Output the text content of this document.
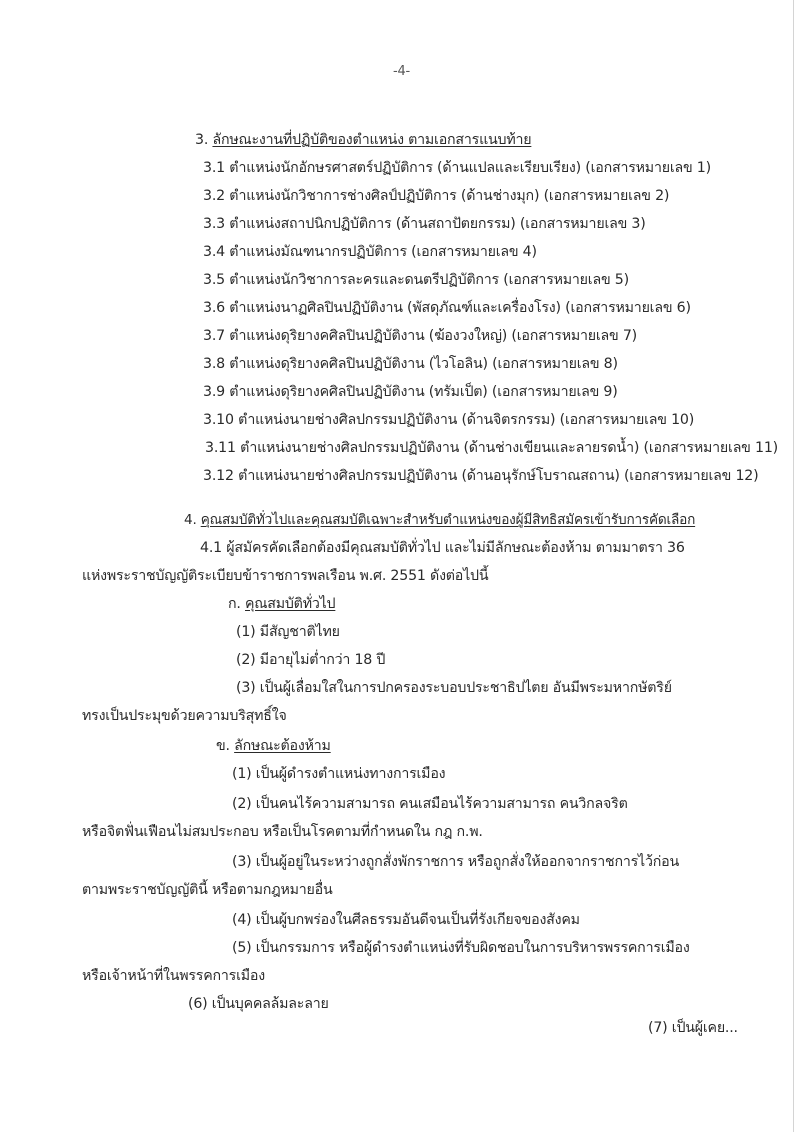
-4-
3. ลักษณะงานที่ปฏิบัติของตำแหน่ง ตามเอกสารแนบท้าย
3.1 ตำแหน่งนักอักษรศาสตร์ปฏิบัติการ (ด้านแปลและเรียบเรียง) (เอกสารหมายเลข 1)
3.2 ตำแหน่งนักวิชาการช่างศิลป์ปฏิบัติการ (ด้านช่างมุก) (เอกสารหมายเลข 2)
3.3 ตำแหน่งสถาปนิกปฏิบัติการ (ด้านสถาปัตยกรรม) (เอกสารหมายเลข 3)
3.4 ตำแหน่งมัณฑนากรปฏิบัติการ (เอกสารหมายเลข 4)
3.5 ตำแหน่งนักวิชาการละครและดนตรีปฏิบัติการ (เอกสารหมายเลข 5)
3.6 ตำแหน่งนาฏศิลปินปฏิบัติงาน (พัสดุภัณฑ์และเครื่องโรง) (เอกสารหมายเลข 6)
3.7 ตำแหน่งดุริยางคศิลปินปฏิบัติงาน (ฆ้องวงใหญ่) (เอกสารหมายเลข 7)
3.8 ตำแหน่งดุริยางคศิลปินปฏิบัติงาน (ไวโอลิน) (เอกสารหมายเลข 8)
3.9 ตำแหน่งดุริยางคศิลปินปฏิบัติงาน (ทรัมเป็ต) (เอกสารหมายเลข 9)
3.10 ตำแหน่งนายช่างศิลปกรรมปฏิบัติงาน (ด้านจิตรกรรม) (เอกสารหมายเลข 10)
3.11 ตำแหน่งนายช่างศิลปกรรมปฏิบัติงาน (ด้านช่างเขียนและลายรดน้ำ) (เอกสารหมายเลข 11)
3.12 ตำแหน่งนายช่างศิลปกรรมปฏิบัติงาน (ด้านอนุรักษ์โบราณสถาน) (เอกสารหมายเลข 12)
4. คุณสมบัติทั่วไปและคุณสมบัติเฉพาะสำหรับตำแหน่งของผู้มีสิทธิสมัครเข้ารับการคัดเลือก
4.1 ผู้สมัครคัดเลือกต้องมีคุณสมบัติทั่วไป และไม่มีลักษณะต้องห้าม ตามมาตรา 36
แห่งพระราชบัญญัติระเบียบข้าราชการพลเรือน พ.ศ. 2551 ดังต่อไปนี้
ก. คุณสมบัติทั่วไป
(1) มีสัญชาติไทย
(2) มีอายุไม่ต่ำกว่า 18 ปี
(3) เป็นผู้เลื่อมใสในการปกครองระบอบประชาธิปไตย อันมีพระมหากษัตริย์
ทรงเป็นประมุขด้วยความบริสุทธิ์ใจ
ข. ลักษณะต้องห้าม
(1) เป็นผู้ดำรงตำแหน่งทางการเมือง
(2) เป็นคนไร้ความสามารถ คนเสมือนไร้ความสามารถ คนวิกลจริต
หรือจิตฟั่นเฟือนไม่สมประกอบ หรือเป็นโรคตามที่กำหนดใน กฎ ก.พ.
(3) เป็นผู้อยู่ในระหว่างถูกสั่งพักราชการ หรือถูกสั่งให้ออกจากราชการไว้ก่อน
ตามพระราชบัญญัตินี้ หรือตามกฎหมายอื่น
(4) เป็นผู้บกพร่องในศีลธรรมอันดีจนเป็นที่รังเกียจของสังคม
(5) เป็นกรรมการ หรือผู้ดำรงตำแหน่งที่รับผิดชอบในการบริหารพรรคการเมือง
หรือเจ้าหน้าที่ในพรรคการเมือง
(6) เป็นบุคคลล้มละลาย
(7) เป็นผู้เคย...
